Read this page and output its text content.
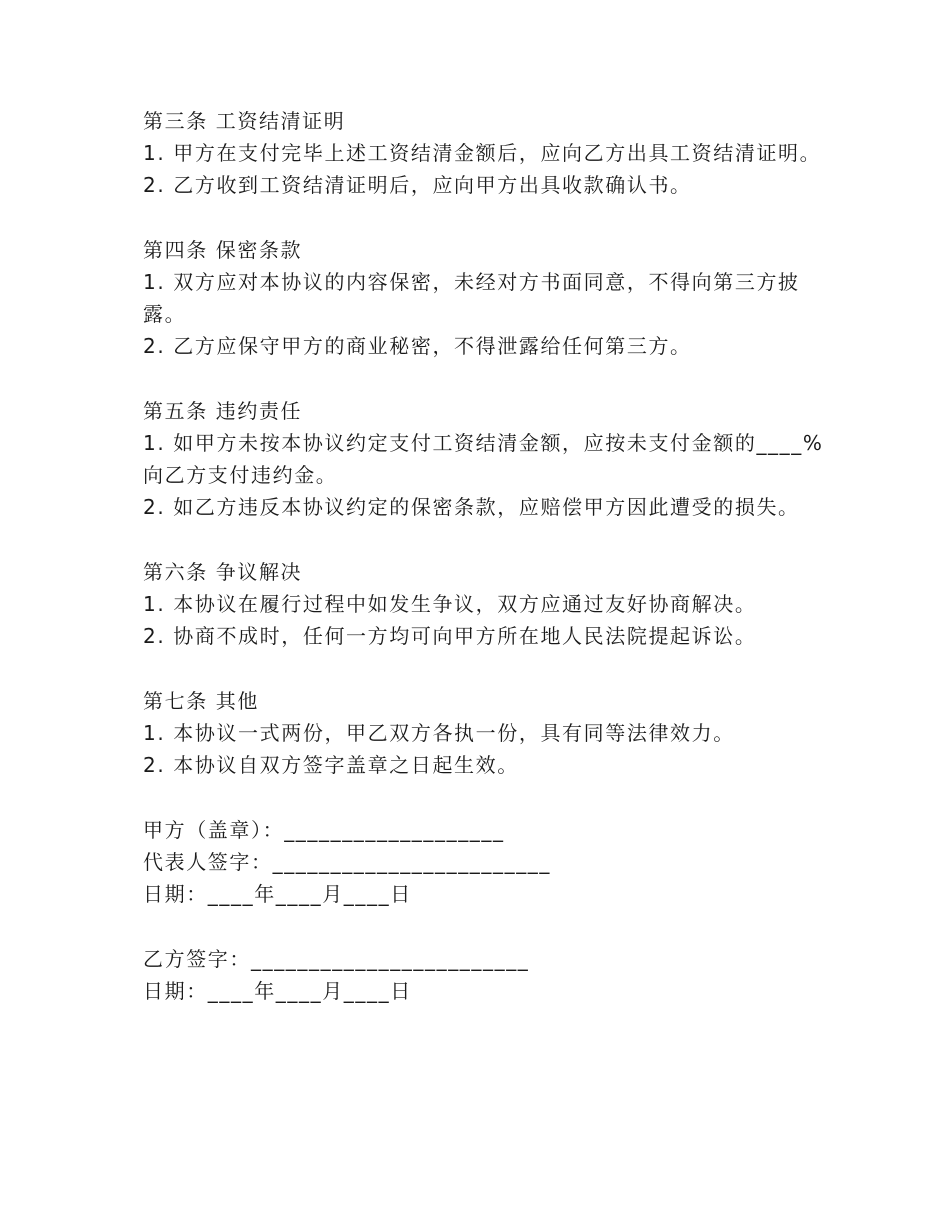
第三条 工资结清证明
1. 甲方在支付完毕上述工资结清金额后，应向乙方出具工资结清证明。
2. 乙方收到工资结清证明后，应向甲方出具收款确认书。
第四条 保密条款
1. 双方应对本协议的内容保密，未经对方书面同意，不得向第三方披
露。
2. 乙方应保守甲方的商业秘密，不得泄露给任何第三方。
第五条 违约责任
1. 如甲方未按本协议约定支付工资结清金额，应按未支付金额的____%
向乙方支付违约金。
2. 如乙方违反本协议约定的保密条款，应赔偿甲方因此遭受的损失。
第六条 争议解决
1. 本协议在履行过程中如发生争议，双方应通过友好协商解决。
2. 协商不成时，任何一方均可向甲方所在地人民法院提起诉讼。
第七条 其他
1. 本协议一式两份，甲乙双方各执一份，具有同等法律效力。
2. 本协议自双方签字盖章之日起生效。
甲方（盖章）：___________________
代表人签字：________________________
日期：____年____月____日
乙方签字：________________________
日期：____年____月____日
